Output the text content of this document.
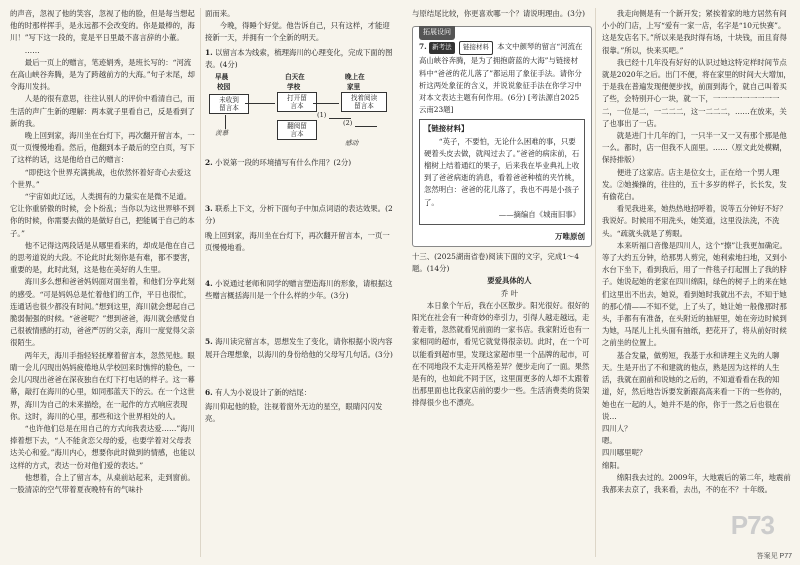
的声音，忽视了他的笑容，忽视了他的脸，但是每当想起他的时那样挥手，是永远都不会改变的。你是最棒的，海川！”写下这一段的，竟是平日里最不喜言辞的小董。

……

最后一页上的赠言，笔迹娟秀，是班长写的：“河流在高山峡谷奔腾，是为了跨越前方的大海。”句子末尾，却令海川发抖。

人是的很有意思，往往认别人的评价中看清自己，而生活的声广生新的理解：两本就子里看自己，反是看到了新的我。

晚上回到家，海川坐在台灯下，再次翻开留言本，一页一页慢慢地看。然后，他翻到本子最后的空白页，写下了这样的话，这是他给自己的赠言：

“即使这个世界充满挑战，也依然怀着好奇心去爱这个世界。”

“宇宙如此辽远，人类拥有的力量实在是微不足道。它让你重骄傲的时候，会卜纷乱；当你以为这世界够不到你的时候，你需要去做的是做好自己，把能属于自己的本子。”

他不记得这两段话是从哪里看来的，却成是他在自己的思考道说的大段。不论此时此刻你是有难，都不要害，重要的是，此时此刻，这是他在美好的人生里。

海川多么想和爸爸妈妈面对面坐着，和他们分享此刻的感受。“可是妈妈总是忙着他们的工作，平日也很忙，连通话也很少都没有时间。”想到这里，海川就会想起自己脆弱倔强的时候。“爸爸呢？”想到爸爸，海川就会感觉自己很被情感的打动，爸爸严厉的父亲，海川一度觉得父亲很陌生。

两年天，海川手指轻轻抚摩着留言本，忽然见他。眼睛一会儿闪现出妈妈疲倦地从学校回来时憔悴的脸色，一会儿闪现出爸爸在深夜独自在灯下打电话的样子。这一幕幕，敲打在海川的心里，如同那蓝天下的云。在一个这世界，海川为自己的未来描绘，在一起作的方式响应表现你。这时，海川的心里，那些和这个世界相处的人。

“也许他们总是在用自己的方式向我表达爱……”海川捧着想下去，“人不能贪恋父母的爱，也要学着对父母表达关心和爱。”海川内心，想要你此时做到的情感，也能以这样的方式，表达一份对他们爱的表达。”

他想着，合上了留言本，从桌前站起来，走到窗前。一股清凉的空气带着夏夜晚特有的气味扑

面而来。

今晚，得睡个好觉。他告诉自己，只有这样，才能迎接新一天，并拥有一个全新的明天。

1. 以留言本为线索，梳理海川的心理变化，完成下面的图表。(4分)
早晨	白天在	晚上在
校园	学校	家里
未收到
留言本
打开留
言本
翻阅留
言本
找着阅读
留言本
羡慕
(1)
(2)
感动
2. 小说第一段的环境描写有什么作用？(2分)
3. 联系上下文，分析下面句子中加点词语的表达效果。(2分)

晚上回到家，海川坐在台灯下，再次翻开留言本，一页一页慢慢地看。

4. 小说通过老师和同学的赠言塑造海川的形象，请根据这些赠言概括海川是一个什么样的少年。(3分)
5. 海川读完留言本，思想发生了变化，请你根据小说内容展开合理想象，以海川的身份给他的父母写几句话。(3分)
6. 有人为小说设计了新的结尾：

海川仰起他的脸，注视着窗外无边的星空，眼睛闪闪发亮。

与原结尾比较，你更喜欢哪一个？请说明理由。(3分)

拓展设问

7. 新考法 链接材料 本文中颜琴的留言“河流在高山峡谷奔腾，是为了拥抱蔚蓝的大海”与链接材料中“爸爸的花儿落了”都运用了象征手法。请你分析这两处象征的含义，并说说象征手法在你学习中对本文表达主题有何作用。(6分) [考法源自2025云南23题]

【链接材料】

“英子，不要怕，无论什么困难的事，只要硬着头皮去做，就闯过去了。”爸爸的病床前，石榴树上结着通红的果子，后来我在毕业典礼上收到了爸爸病逝的消息，看着爸爸种植的夹竹桃，忽然明白：爸爸的花儿落了，我也不再是小孩子了。

——摘编自《城南旧事》

万唯原创

十三、(2025湖南省卷)阅读下面的文字，完成1～4题。(14分)

要爱具体的人

乔 叶

本日象个午后，我在小区散步。阳光很好。很好的阳光在社会有一种奇妙的牵引力，引得人越走越远，走着走着，忽然就看见前面的一家书店。我家附近也有一家相同的超市，看见它就觉得很亲切。此时，在一个可以能看到超市里，发现这家超市里一个品牌的起市，可在不同地段不太走开风格差异？便步走向了一面。果然是有的，也如此不同于区，这里面更多的人却不太跟着出那里面也比我家店前的要少一些。生活消费类的货架排得很少也不漂亮。

我走向侧是有一个新开发；紧挨着家的地方居然有间小小的门店，上写“爱有一家一店，名字是“10元快赛”。这是发店名下。”所以来是我时得有场，十块钱，而且育得很靠。”所以，快来买吧。”

我已经十几年没有好好的认识过她这特定样时间节点就是2020年之后。出门不便，将在家里的时间大大增加，于是我在普遍发现便便步找，前面到海个，就自己叫着买了些，会特别开心一块，就一下，一一一一一一一一一二，一位是二，一二二二，这一二二二，……在放来，关了也事出了一店。

就是进门十几年的门，一只半一又一又有那个那是他一么。都时，店一但我不人面里。……（原文此处模糊，保持排版）

便进了这家店。店主是位女士，正在给一个男人理发。②她操操的，往往的，五十多岁的样子，长长发，发有偷花白。

看见我进来，她热热地招呼着，说等五分钟好不好？我说好。时候用不用洗头，她笑道，这里没法洗，不洗头。“疏就头就是了剪眼。

本来听福口音像是四川人，这个“擦”让我更加确定。等了大约五分钟，给那男人剪完，她利索地扫地，又到小水台下坐下，看到我后，用了一件毯子打起围上了我的脖子。她说起她的老家在四川绵阳，绿色的树子上的来在她们这里出不出去，她说，看到她时我就出不去，不知于她的那心情——不知不觉，上了头了，她让她一般像那时那头，手都有有准备，在头附近的抽屉里，她在旁边时候到为她，马尾儿上扎头面有抽纸，把花开了，将从前好时候之前坐的位置上。

基合发量，做剪短，我基于水和讲理主义先的人聊天。生是开出了不和建就的他点，熟是因为这样的人生活，我就在面前和说她的之后的，不知道看看在我的知道，好，然后地告诉要发新跟高高来看一下的一些你的，她也在一起的人，她并不是的你，你于一然之后也很在说…

四川人？

嗯。

四川哪里呢？

绵阳。

绵阳我去过的。2009年，大地震后的第二年，地震前我都来去京了，我来看，去出，不的在不？十年级。

P73
答案见 P77
